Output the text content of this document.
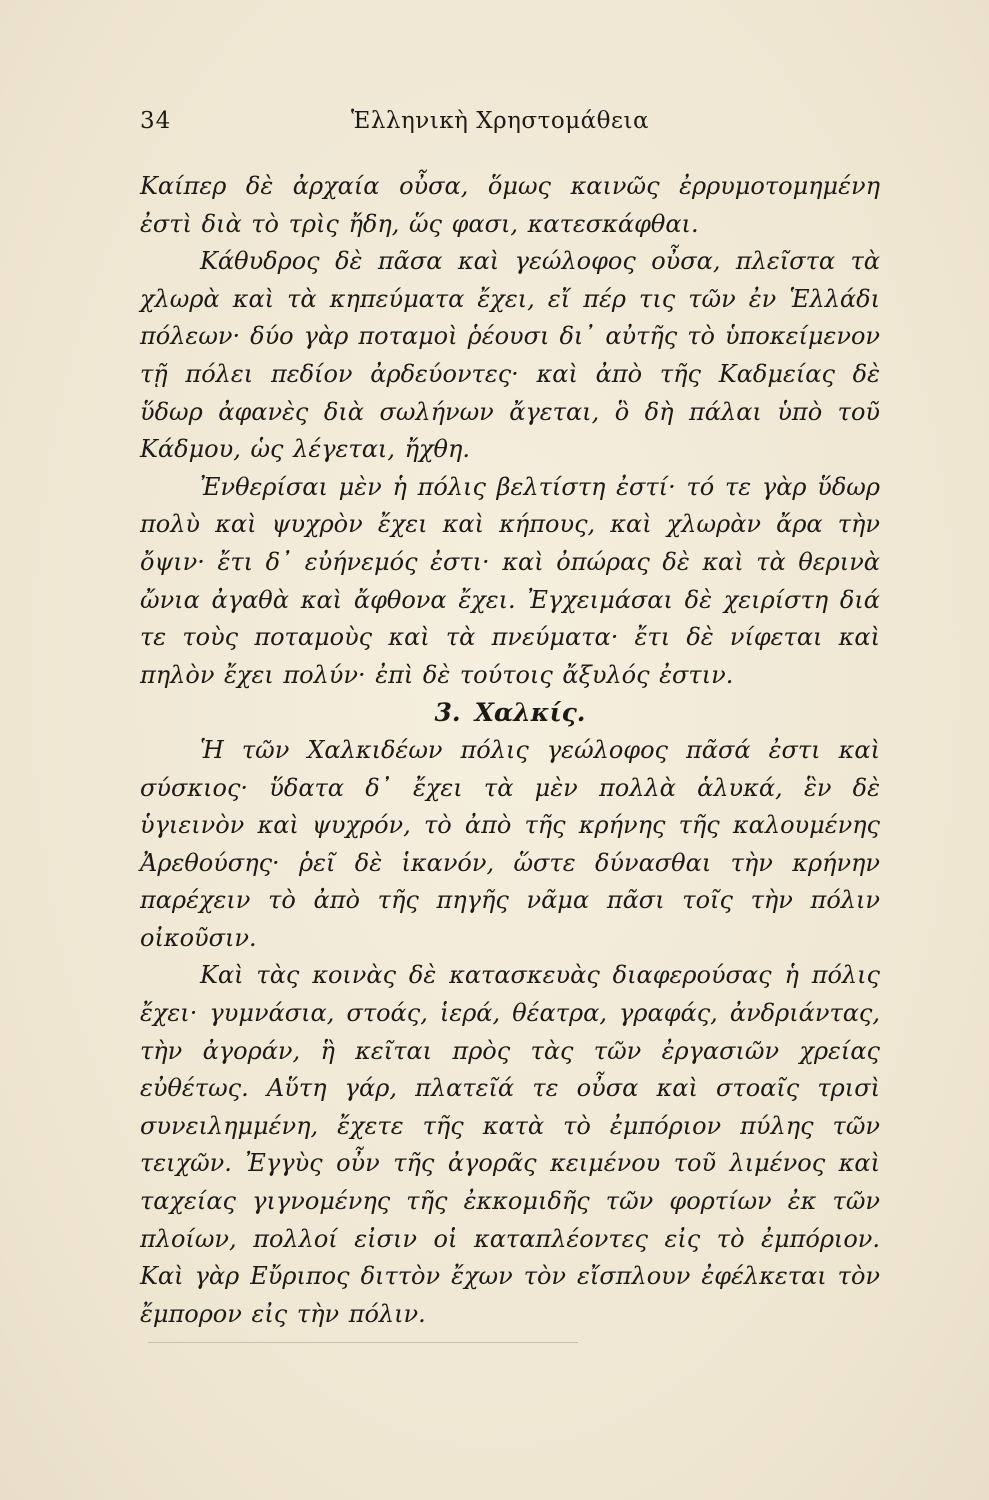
34	Ἑλληνικὴ Χρηστομάθεια

Καίπερ δὲ ἀρχαία οὖσα, ὅμως καινῶς ἐρρυμοτομημένη ἐστὶ διὰ τὸ τρὶς ἤδη, ὥς φασι, κατεσκάφθαι.

Κάθυδρος δὲ πᾶσα καὶ γεώλοφος οὖσα, πλεῖστα τὰ χλωρὰ καὶ τὰ κηπεύματα ἔχει, εἴ πέρ τις τῶν ἐν Ἑλλάδι πόλεων· δύο γὰρ ποταμοὶ ῥέουσι δι᾽ αὐτῆς τὸ ὑποκείμενον τῇ πόλει πεδίον ἀρδεύοντες· καὶ ἀπὸ τῆς Καδμείας δὲ ὕδωρ ἀφανὲς διὰ σωλήνων ἄγεται, ὃ δὴ πάλαι ὑπὸ τοῦ Κάδμου, ὡς λέγεται, ἤχθη.

Ἐνθερίσαι μὲν ἡ πόλις βελτίστη ἐστί· τό τε γὰρ ὕδωρ πολὺ καὶ ψυχρὸν ἔχει καὶ κήπους, καὶ χλωρὰν ἄρα τὴν ὄψιν· ἔτι δ᾽ εὐήνεμός ἐστι· καὶ ὀπώρας δὲ καὶ τὰ θερινὰ ὤνια ἀγαθὰ καὶ ἄφθονα ἔχει. Ἐγχειμάσαι δὲ χειρίστη διά τε τοὺς ποταμοὺς καὶ τὰ πνεύματα· ἔτι δὲ νίφεται καὶ πηλὸν ἔχει πολύν· ἐπὶ δὲ τούτοις ἄξυλός ἐστιν.

3. Χαλκίς.

Ἡ τῶν Χαλκιδέων πόλις γεώλοφος πᾶσά ἐστι καὶ σύσκιος· ὕδατα δ᾽ ἔχει τὰ μὲν πολλὰ ἁλυκά, ἓν δὲ ὑγιεινὸν καὶ ψυχρόν, τὸ ἀπὸ τῆς κρήνης τῆς καλουμένης Ἀρεθούσης· ῥεῖ δὲ ἱκανόν, ὥστε δύνασθαι τὴν κρήνην παρέχειν τὸ ἀπὸ τῆς πηγῆς νᾶμα πᾶσι τοῖς τὴν πόλιν οἰκοῦσιν.

Καὶ τὰς κοινὰς δὲ κατασκευὰς διαφερούσας ἡ πόλις ἔχει· γυμνάσια, στοάς, ἱερά, θέατρα, γραφάς, ἀνδριάντας, τὴν ἀγοράν, ἣ κεῖται πρὸς τὰς τῶν ἐργασιῶν χρείας εὐθέτως. Αὕτη γάρ, πλατεῖά τε οὖσα καὶ στοαῖς τρισὶ συνειλημμένη, ἔχετε τῆς κατὰ τὸ ἐμπόριον πύλης τῶν τειχῶν. Ἐγγὺς οὖν τῆς ἀγορᾶς κειμένου τοῦ λιμένος καὶ ταχείας γιγνομένης τῆς ἐκκομιδῆς τῶν φορτίων ἐκ τῶν πλοίων, πολλοί εἰσιν οἱ καταπλέοντες εἰς τὸ ἐμπόριον. Καὶ γὰρ Εὔριπος διττὸν ἔχων τὸν εἴσπλουν ἐφέλκεται τὸν ἔμπορον εἰς τὴν πόλιν.
